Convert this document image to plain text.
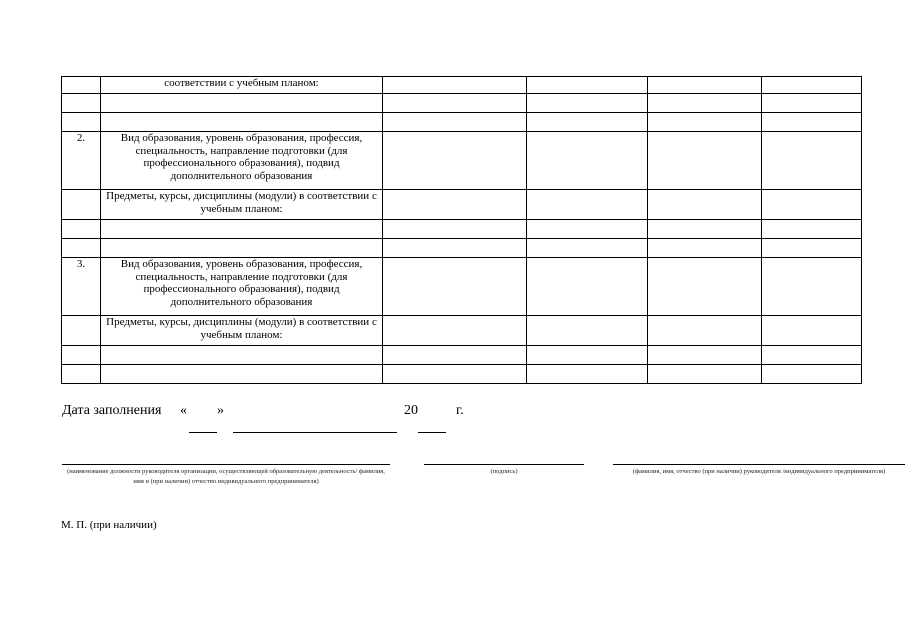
	соответствии с учебным планом:				

2.	Вид образования, уровень образования, профессия, специальность, направление подготовки (для профессионального образования), подвид дополнительного образования				
	Предметы, курсы, дисциплины (модули) в соответствии с учебным планом:				

3.	Вид образования, уровень образования, профессия, специальность, направление подготовки (для профессионального образования), подвид дополнительного образования				
	Предметы, курсы, дисциплины (модули) в соответствии с учебным планом:				

Дата заполнения « »	20	г.
(наименование должности руководителя организации, осуществляющей образовательную деятельность/ фамилия, имя и (при наличии) отчество индивидуального предпринимателя)
(подпись)	(фамилия, имя, отчество (при наличии) руководителя /индивидуального предпринимателя)
М. П. (при наличии)
